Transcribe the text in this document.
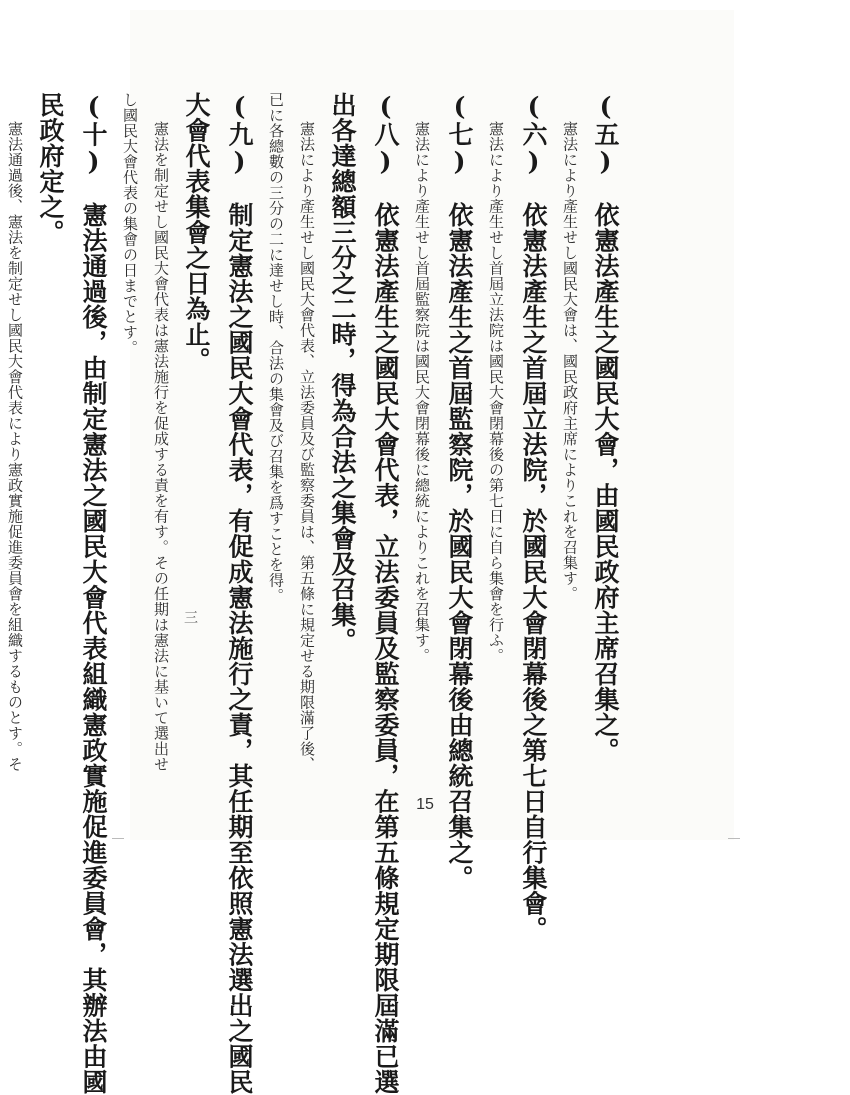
(五)　依憲法產生之國民大會，由國民政府主席召集之。
憲法により產生せし國民大會は、國民政府主席によりこれを召集す。
(六)　依憲法產生之首屆立法院，於國民大會閉幕後之第七日自行集會。
憲法により產生せし首屆立法院は國民大會閉幕後の第七日に自ら集會を行ふ。
(七)　依憲法產生之首屆監察院，於國民大會閉幕後由總統召集之。
憲法により產生せし首屆監察院は國民大會閉幕後に總統によりこれを召集す。
(八)　依憲法產生之國民大會代表，立法委員及監察委員，在第五條規定期限屆滿已選
出各達總額三分之二時，得為合法之集會及召集。
憲法により產生せし國民大會代表、立法委員及び監察委員は、第五條に規定せる期限滿了後、
已に各總數の三分の二に達せし時、合法の集會及び召集を爲すことを得。
(九)　制定憲法之國民大會代表，有促成憲法施行之責，其任期至依照憲法選出之國民
大會代表集會之日為止。
憲法を制定せし國民大會代表は憲法施行を促成する責を有す。その任期は憲法に基いて選出せ
し國民大會代表の集會の日までとす。
(十)　憲法通過後，由制定憲法之國民大會代表組織憲政實施促進委員會，其辦法由國
民政府定之。
憲法通過後、憲法を制定せし國民大會代表により憲政實施促進委員會を組織するものとす。そ	三
15
